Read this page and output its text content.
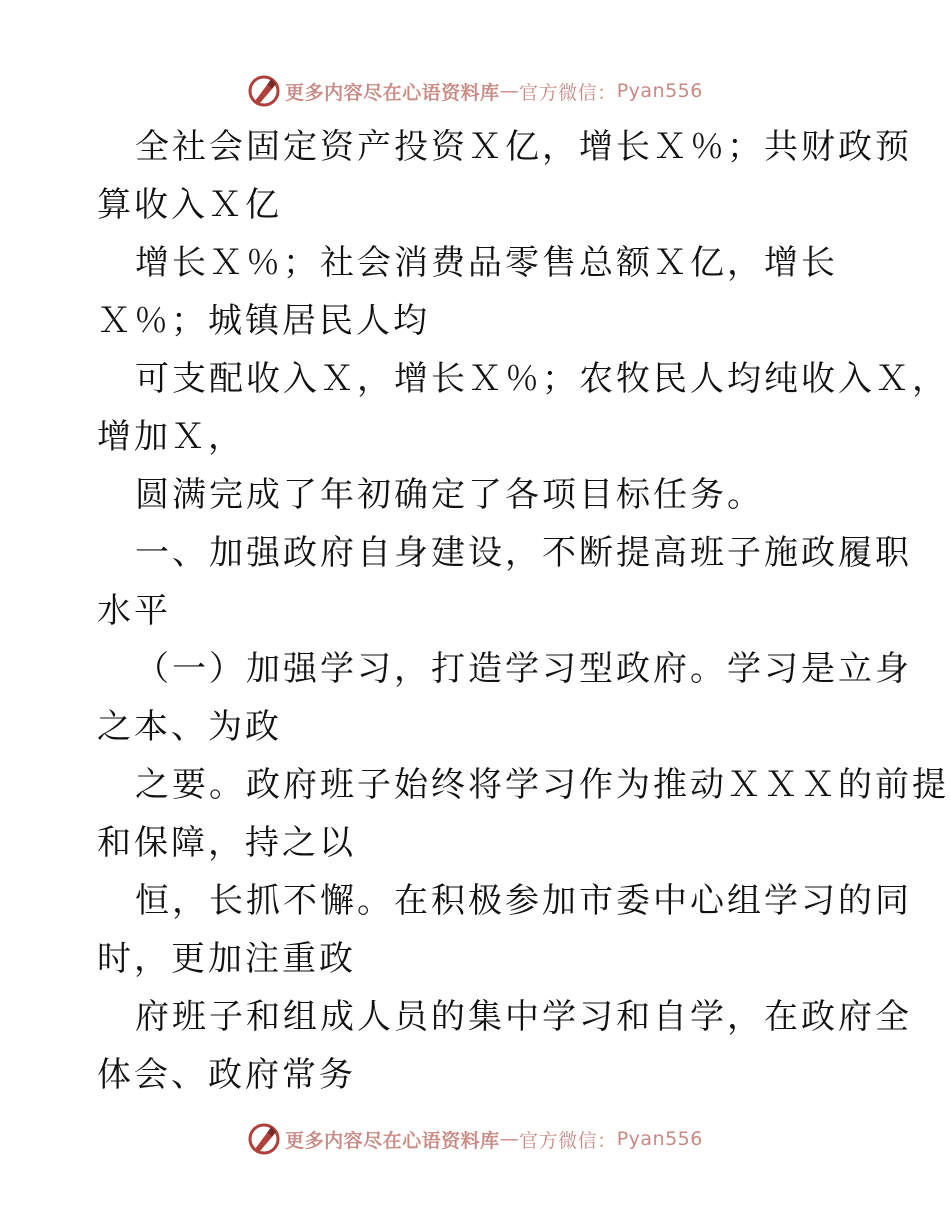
更多内容尽在心语资料库 — 官方微信： Pyan556
全社会固定资产投资Ｘ亿，增长Ｘ％；共财政预
算收入Ｘ亿
增长Ｘ％；社会消费品零售总额Ｘ亿，增长
Ｘ％；城镇居民人均
可支配收入Ｘ，增长Ｘ％；农牧民人均纯收入Ｘ，
增加Ｘ，
圆满完成了年初确定了各项目标任务。
一、加强政府自身建设，不断提高班子施政履职
水平
（一）加强学习，打造学习型政府。学习是立身
之本、为政
之要。政府班子始终将学习作为推动ＸＸＸ的前提
和保障，持之以
恒，长抓不懈。在积极参加市委中心组学习的同
时，更加注重政
府班子和组成人员的集中学习和自学，在政府全
体会、政府常务
更多内容尽在心语资料库 — 官方微信： Pyan556
